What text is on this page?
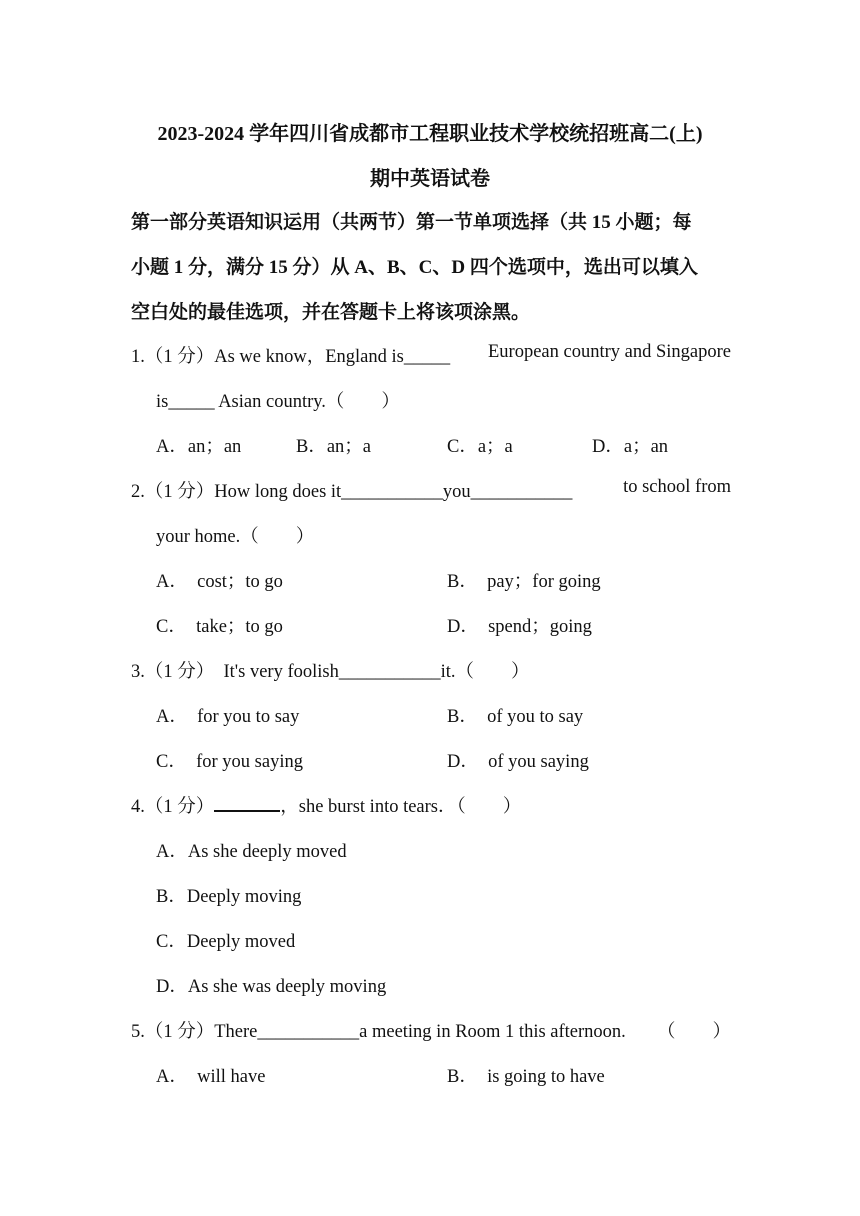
2023-2024 学年四川省成都市工程职业技术学校统招班高二(上)
期中英语试卷
第一部分英语知识运用（共两节）第一节单项选择（共 15 小题；每
小题 1 分，满分 15 分）从 A、B、C、D 四个选项中，选出可以填入
空白处的最佳选项，并在答题卡上将该项涂黑。
1.（1 分）As we know，England is_____ European country and Singapore
is_____ Asian country.（　　）
A．an；an	B．an；a	C．a；a	D．a；an
2.（1 分）How long does it___________you___________	to school from
your home.（　　）
A．　cost；to go	B．　pay；for going
C．　take；to go	D．　spend；going
3.（1 分）　It's very foolish___________it.（　　）
A．　for you to say	B．　of you to say
C．　for you saying	D．　of you saying
4.（1 分）	，she burst into tears．（　　）
A．As she deeply moved
B．Deeply moving
C．Deeply moved
D．As she was deeply moving
5.（1 分）There___________a meeting in Room 1 this afternoon. （　　）
A．　will have	B．　is going to have
